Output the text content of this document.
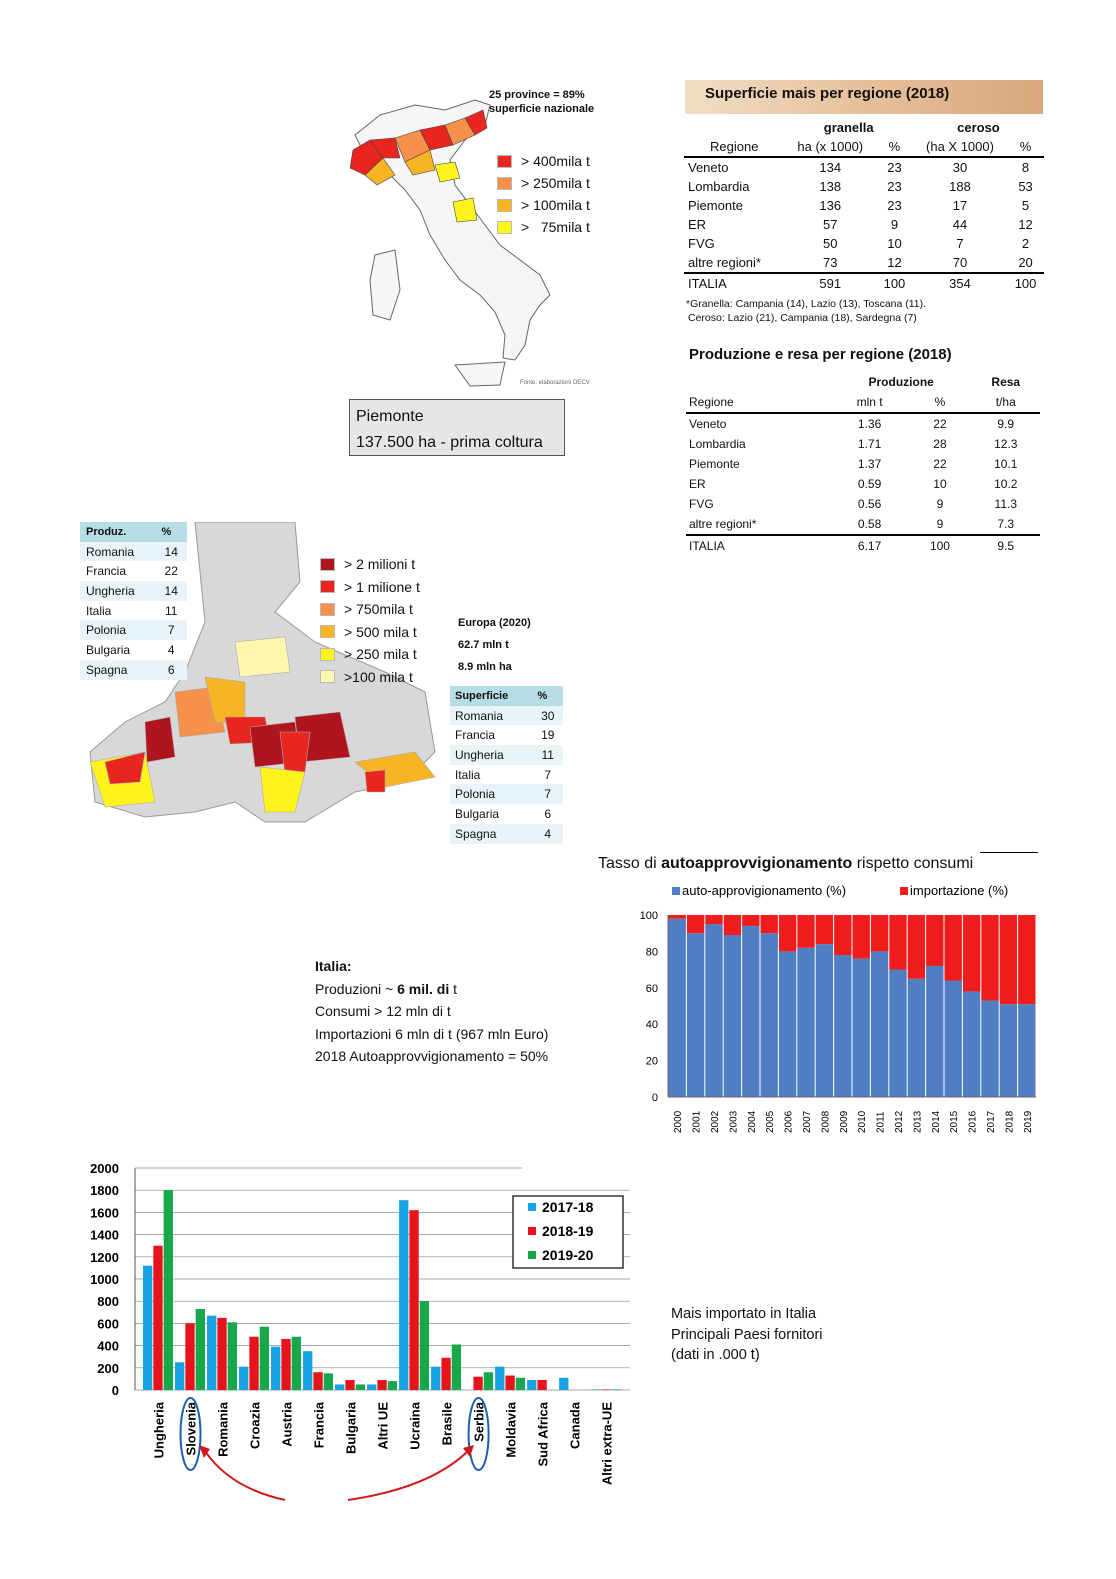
25 province = 89%
superficie nazionale
> 400mila t
> 250mila t
> 100mila t
>   75mila t
Fonte: elaborazioni OECV
Piemonte
137.500 ha - prima coltura
Superficie mais per regione (2018)
	granella		ceroso	
Regione	ha (x 1000)	%	(ha X 1000)	%
Veneto	134	23	30	8
Lombardia	138	23	188	53
Piemonte	136	23	17	5
ER	57	9	44	12
FVG	50	10	7	2
altre regioni*	73	12	70	20
ITALIA	591	100	354	100
*Granella: Campania (14), Lazio (13), Toscana (11).
Ceroso: Lazio (21), Campania (18), Sardegna (7)
Produzione e resa per regione (2018)
	Produzione		Resa
Regione	mln t	%	t/ha
Veneto	1.36	22	9.9
Lombardia	1.71	28	12.3
Piemonte	1.37	22	10.1
ER	0.59	10	10.2
FVG	0.56	9	11.3
altre regioni*	0.58	9	7.3
ITALIA	6.17	100	9.5
Produz.	%
Romania	14
Francia	22
Ungheria	14
Italia	11
Polonia	7
Bulgaria	4
Spagna	6
> 2 milioni t
> 1 milione t
> 750mila t
> 500 mila t
> 250 mila t
>100 mila t
Europa (2020)
62.7 mln t
8.9 mln ha
Superficie	%
Romania	30
Francia	19
Ungheria	11
Italia	7
Polonia	7
Bulgaria	6
Spagna	4
Tasso di autoapprovvigionamento rispetto consumi
auto-approvigionamento (%)	importazione (%)
0
20
40
60
80
100
2000 2001 2002 2003 2004 2005 2006 2007 2008 2009 2010 2011 2012 2013 2014 2015 2016 2017 2018 2019
Italia:
Produzioni ~ 6 mil. di t
Consumi > 12 mln di t
Importazioni 6 mln di t (967 mln Euro)
2018 Autoapprovvigionamento = 50%
0
200
400
600
800
1000
1200
1400
1600
1800
2000
Ungheria Slovenia Romania Croazia Austria Francia Bulgaria Altri UE Ucraina Brasile Serbia Moldavia Sud Africa Canada Altri extra-UE
2017-18
2018-19
2019-20
Mais importato in Italia
Principali Paesi fornitori
(dati in .000 t)
